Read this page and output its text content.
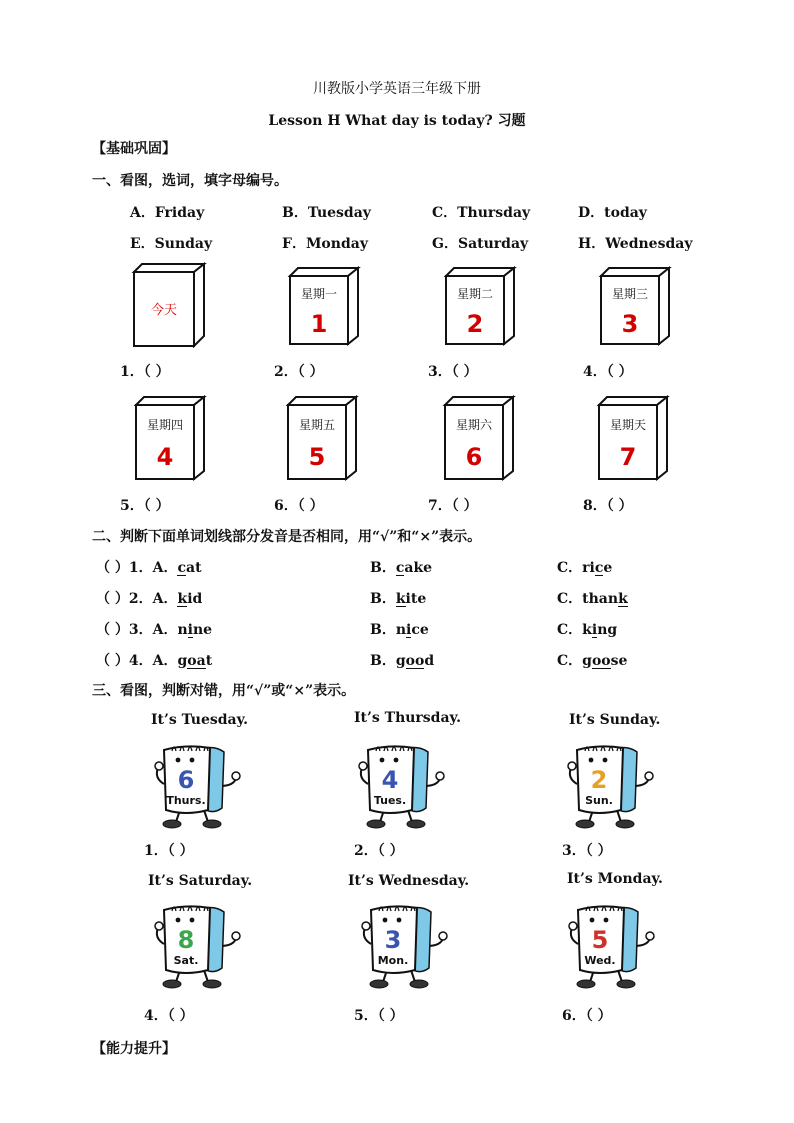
川教版小学英语三年级下册
Lesson H What day is today? 习题
【基础巩固】
一、看图，选词，填字母编号。
A．Friday	B．Tuesday	C．Thursday	D．today
E．Sunday	F．Monday	G．Saturday	H．Wednesday
今天
星期一
1
星期二
2
星期三
3
1．（ ）	2．（ ）	3．（ ）	4．（ ）
星期四
4
星期五
5
星期六
6
星期天
7
5．（ ）	6．（ ）	7．（ ）	8．（ ）
二、判断下面单词划线部分发音是否相同，用“√”和“×”表示。
（ ）1．A．cat	B．cake	C．rice
（ ）2．A．kid	B．kite	C．thank
（ ）3．A．nine	B．nice	C．king
（ ）4．A．goat	B．good	C．goose
三、看图，判断对错，用“√”或“×”表示。
It’s Tuesday.	It’s Thursday.	It’s Sunday.
6
Thurs.
4
Tues.
2
Sun.
1．（ ）	2．（ ）	3．（ ）
It’s Saturday.	It’s Wednesday.	It’s Monday.
8
Sat.
3
Mon.
5
Wed.
4．（ ）	5．（ ）	6．（ ）
【能力提升】
